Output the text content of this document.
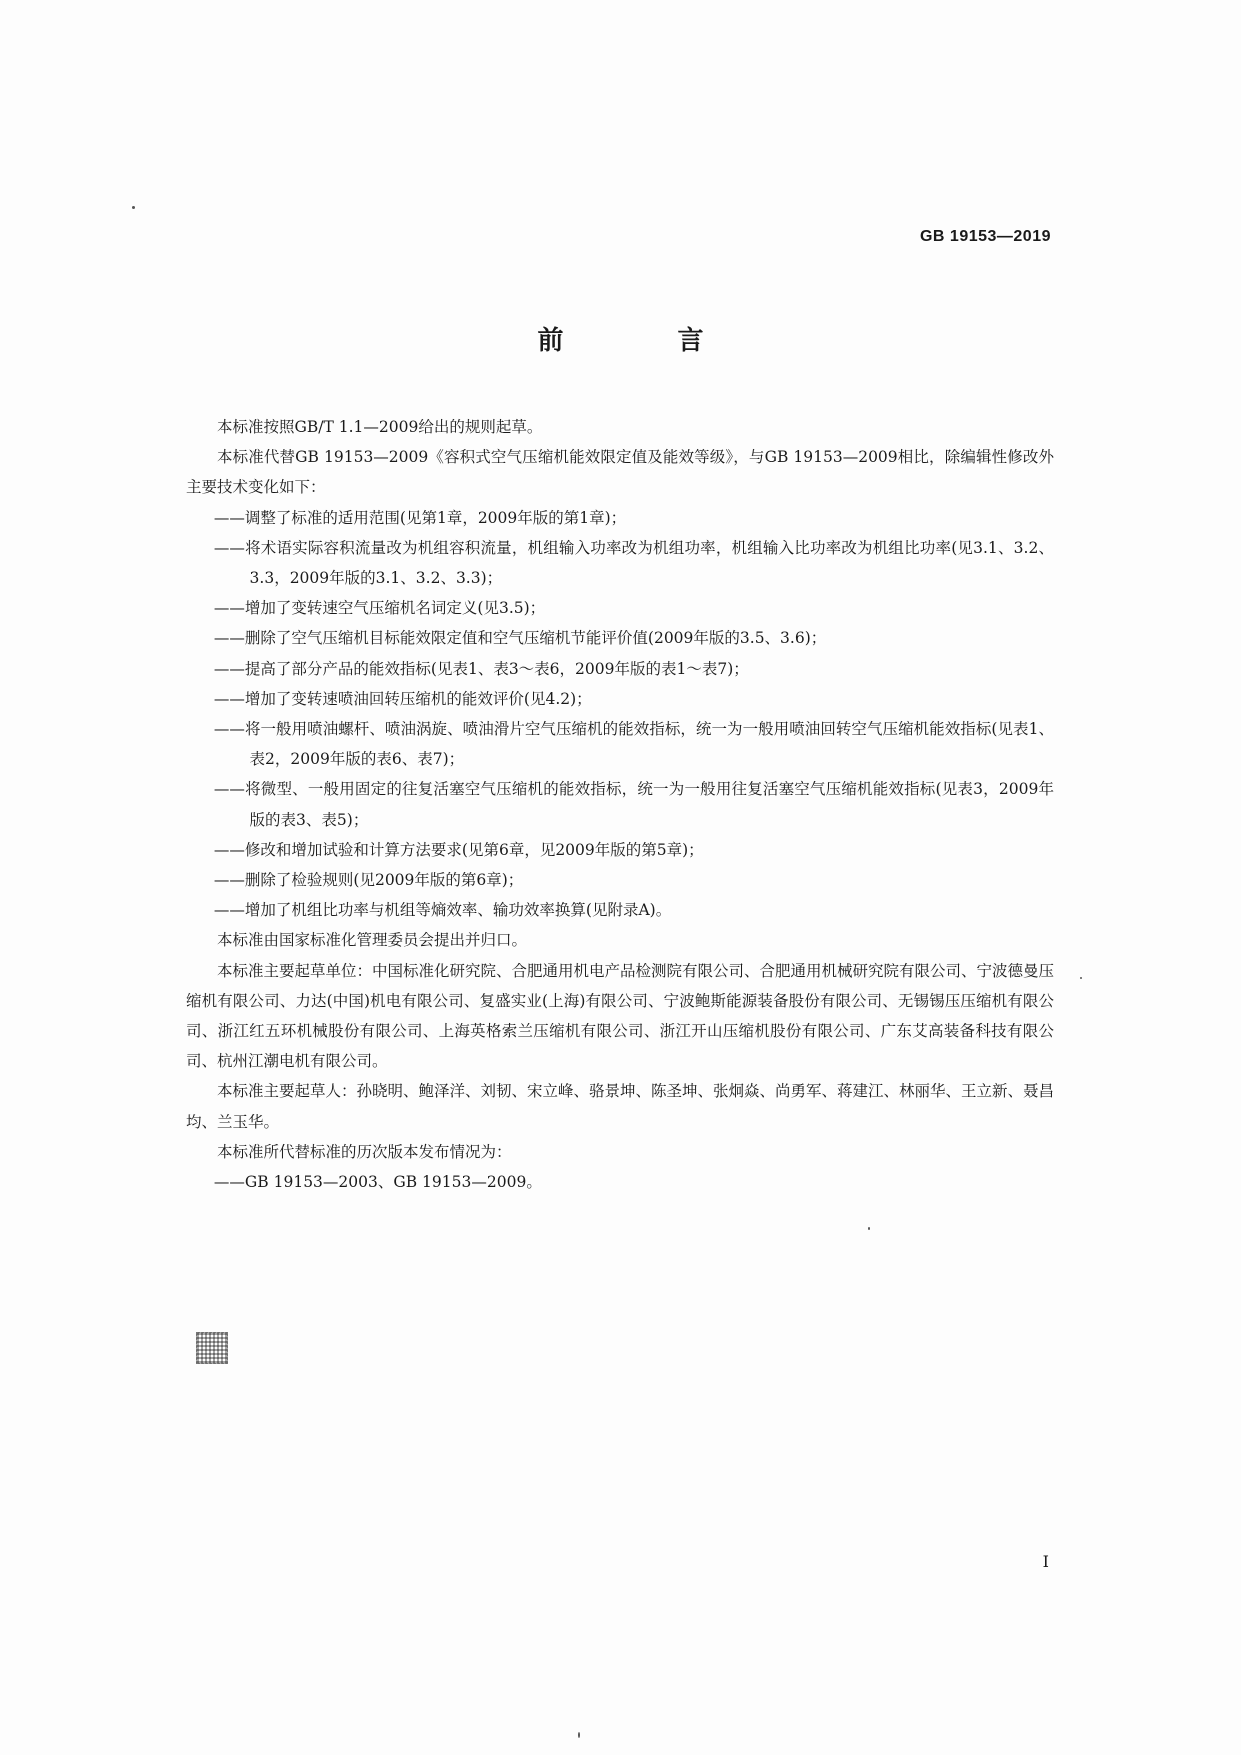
GB 19153—2019
前　言

本标准按照GB/T 1.1—2009给出的规则起草。

本标准代替GB 19153—2009《容积式空气压缩机能效限定值及能效等级》，与GB 19153—2009相比，除编辑性修改外主要技术变化如下：

——调整了标准的适用范围(见第1章，2009年版的第1章)；

——将术语实际容积流量改为机组容积流量，机组输入功率改为机组功率，机组输入比功率改为机组比功率(见3.1、3.2、3.3，2009年版的3.1、3.2、3.3)；

——增加了变转速空气压缩机名词定义(见3.5)；

——删除了空气压缩机目标能效限定值和空气压缩机节能评价值(2009年版的3.5、3.6)；

——提高了部分产品的能效指标(见表1、表3～表6，2009年版的表1～表7)；

——增加了变转速喷油回转压缩机的能效评价(见4.2)；

——将一般用喷油螺杆、喷油涡旋、喷油滑片空气压缩机的能效指标，统一为一般用喷油回转空气压缩机能效指标(见表1、表2，2009年版的表6、表7)；

——将微型、一般用固定的往复活塞空气压缩机的能效指标，统一为一般用往复活塞空气压缩机能效指标(见表3，2009年版的表3、表5)；

——修改和增加试验和计算方法要求(见第6章，见2009年版的第5章)；

——删除了检验规则(见2009年版的第6章)；

——增加了机组比功率与机组等熵效率、输功效率换算(见附录A)。

本标准由国家标准化管理委员会提出并归口。

本标准主要起草单位：中国标准化研究院、合肥通用机电产品检测院有限公司、合肥通用机械研究院有限公司、宁波德曼压缩机有限公司、力达(中国)机电有限公司、复盛实业(上海)有限公司、宁波鲍斯能源装备股份有限公司、无锡锡压压缩机有限公司、浙江红五环机械股份有限公司、上海英格索兰压缩机有限公司、浙江开山压缩机股份有限公司、广东艾高装备科技有限公司、杭州江潮电机有限公司。

本标准主要起草人：孙晓明、鲍泽洋、刘韧、宋立峰、骆景坤、陈圣坤、张炯焱、尚勇军、蒋建江、林丽华、王立新、聂昌均、兰玉华。

本标准所代替标准的历次版本发布情况为：

——GB 19153—2003、GB 19153—2009。

I
